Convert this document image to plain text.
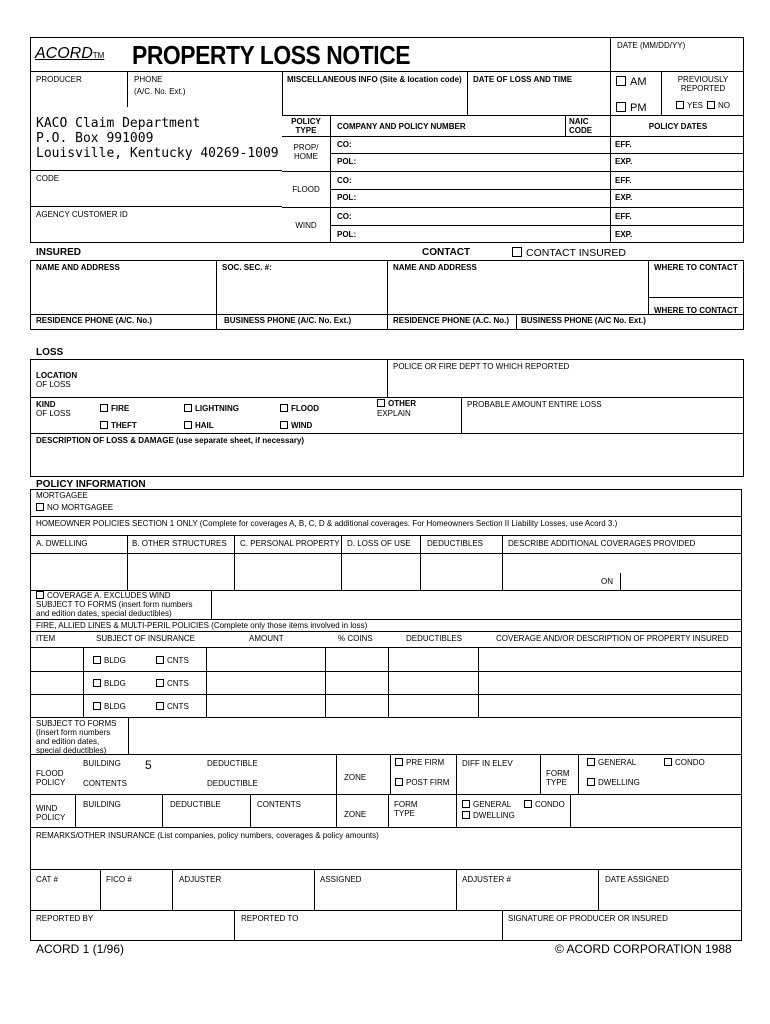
ACORDTM PROPERTY LOSS NOTICE	DATE (MM/DD/YY)
PRODUCER	PHONE
(A/C. No. Ext.)
MISCELLANEOUS INFO (Site & location code) DATE OF LOSS AND TIME	AM
PM
PREVIOUSLY
REPORTED
YES	NO
KACO Claim Department
P.O. Box 991009
Louisville, Kentucky 40269-1009
CODE
AGENCY CUSTOMER ID
POLICY
TYPE	COMPANY AND POLICY NUMBER
NAIC
CODE	POLICY DATES
PROP/
HOME
CO:	EFF.
POL:	EXP.
FLOOD
CO:	EFF.
POL:	EXP.
WIND
CO:	EFF.
POL:	EXP.
INSURED	CONTACT	CONTACT INSURED
NAME AND ADDRESS	SOC. SEC. #:	NAME AND ADDRESS	WHERE TO CONTACT
WHERE TO CONTACT
RESIDENCE PHONE (A/C. No.)	BUSINESS PHONE (A/C. No. Ext.)	RESIDENCE PHONE (A.C. No.) BUSINESS PHONE (A/C No. Ext.)
LOSS
LOCATION
OF LOSS
POLICE OR FIRE DEPT TO WHICH REPORTED
KIND
OF LOSS
FIRE	LIGHTNING	FLOOD
OTHER
EXPLAIN
PROBABLE AMOUNT ENTIRE LOSS
THEFT	HAIL	WIND
DESCRIPTION OF LOSS & DAMAGE (use separate sheet, if necessary)
POLICY INFORMATION
MORTGAGEE
NO MORTGAGEE
HOMEOWNER POLICIES SECTION 1 ONLY (Complete for coverages A, B, C, D & additional coverages. For Homeowners Section II Liability Losses, use Acord 3.)
A. DWELLING	B. OTHER STRUCTURES C. PERSONAL PROPERTY D. LOSS OF USE DEDUCTIBLES	DESCRIBE ADDITIONAL COVERAGES PROVIDED
ON
COVERAGE A. EXCLUDES WIND
SUBJECT TO FORMS (insert form numbers
and edition dates, special deductibles)
FIRE, ALLIED LINES & MULTI-PERIL POLICIES (Complete only those items involved in loss)
ITEM	SUBJECT OF INSURANCE	AMOUNT	% COINS	DEDUCTIBLES	COVERAGE AND/OR DESCRIPTION OF PROPERTY INSURED
BLDG	CNTS
BLDG	CNTS
BLDG	CNTS
SUBJECT TO FORMS
(Insert form numbers
and edition dates,
special deductibles)
FLOOD
POLICY
BUILDING 5	DEDUCTIBLE
CONTENTS	DEDUCTIBLE
ZONE
PRE FIRM
POST FIRM
DIFF IN ELEV
FORM
TYPE
GENERAL	CONDO
DWELLING
WIND
POLICY
BUILDING	DEDUCTIBLE	CONTENTS
ZONE
FORM
TYPE
GENERAL	CONDO
DWELLING
REMARKS/OTHER INSURANCE (List companies, policy numbers, coverages & policy amounts)
CAT #	FICO #	ADJUSTER	ASSIGNED	ADJUSTER #	DATE ASSIGNED
REPORTED BY	REPORTED TO	SIGNATURE OF PRODUCER OR INSURED
ACORD 1 (1/96)	© ACORD CORPORATION 1988
